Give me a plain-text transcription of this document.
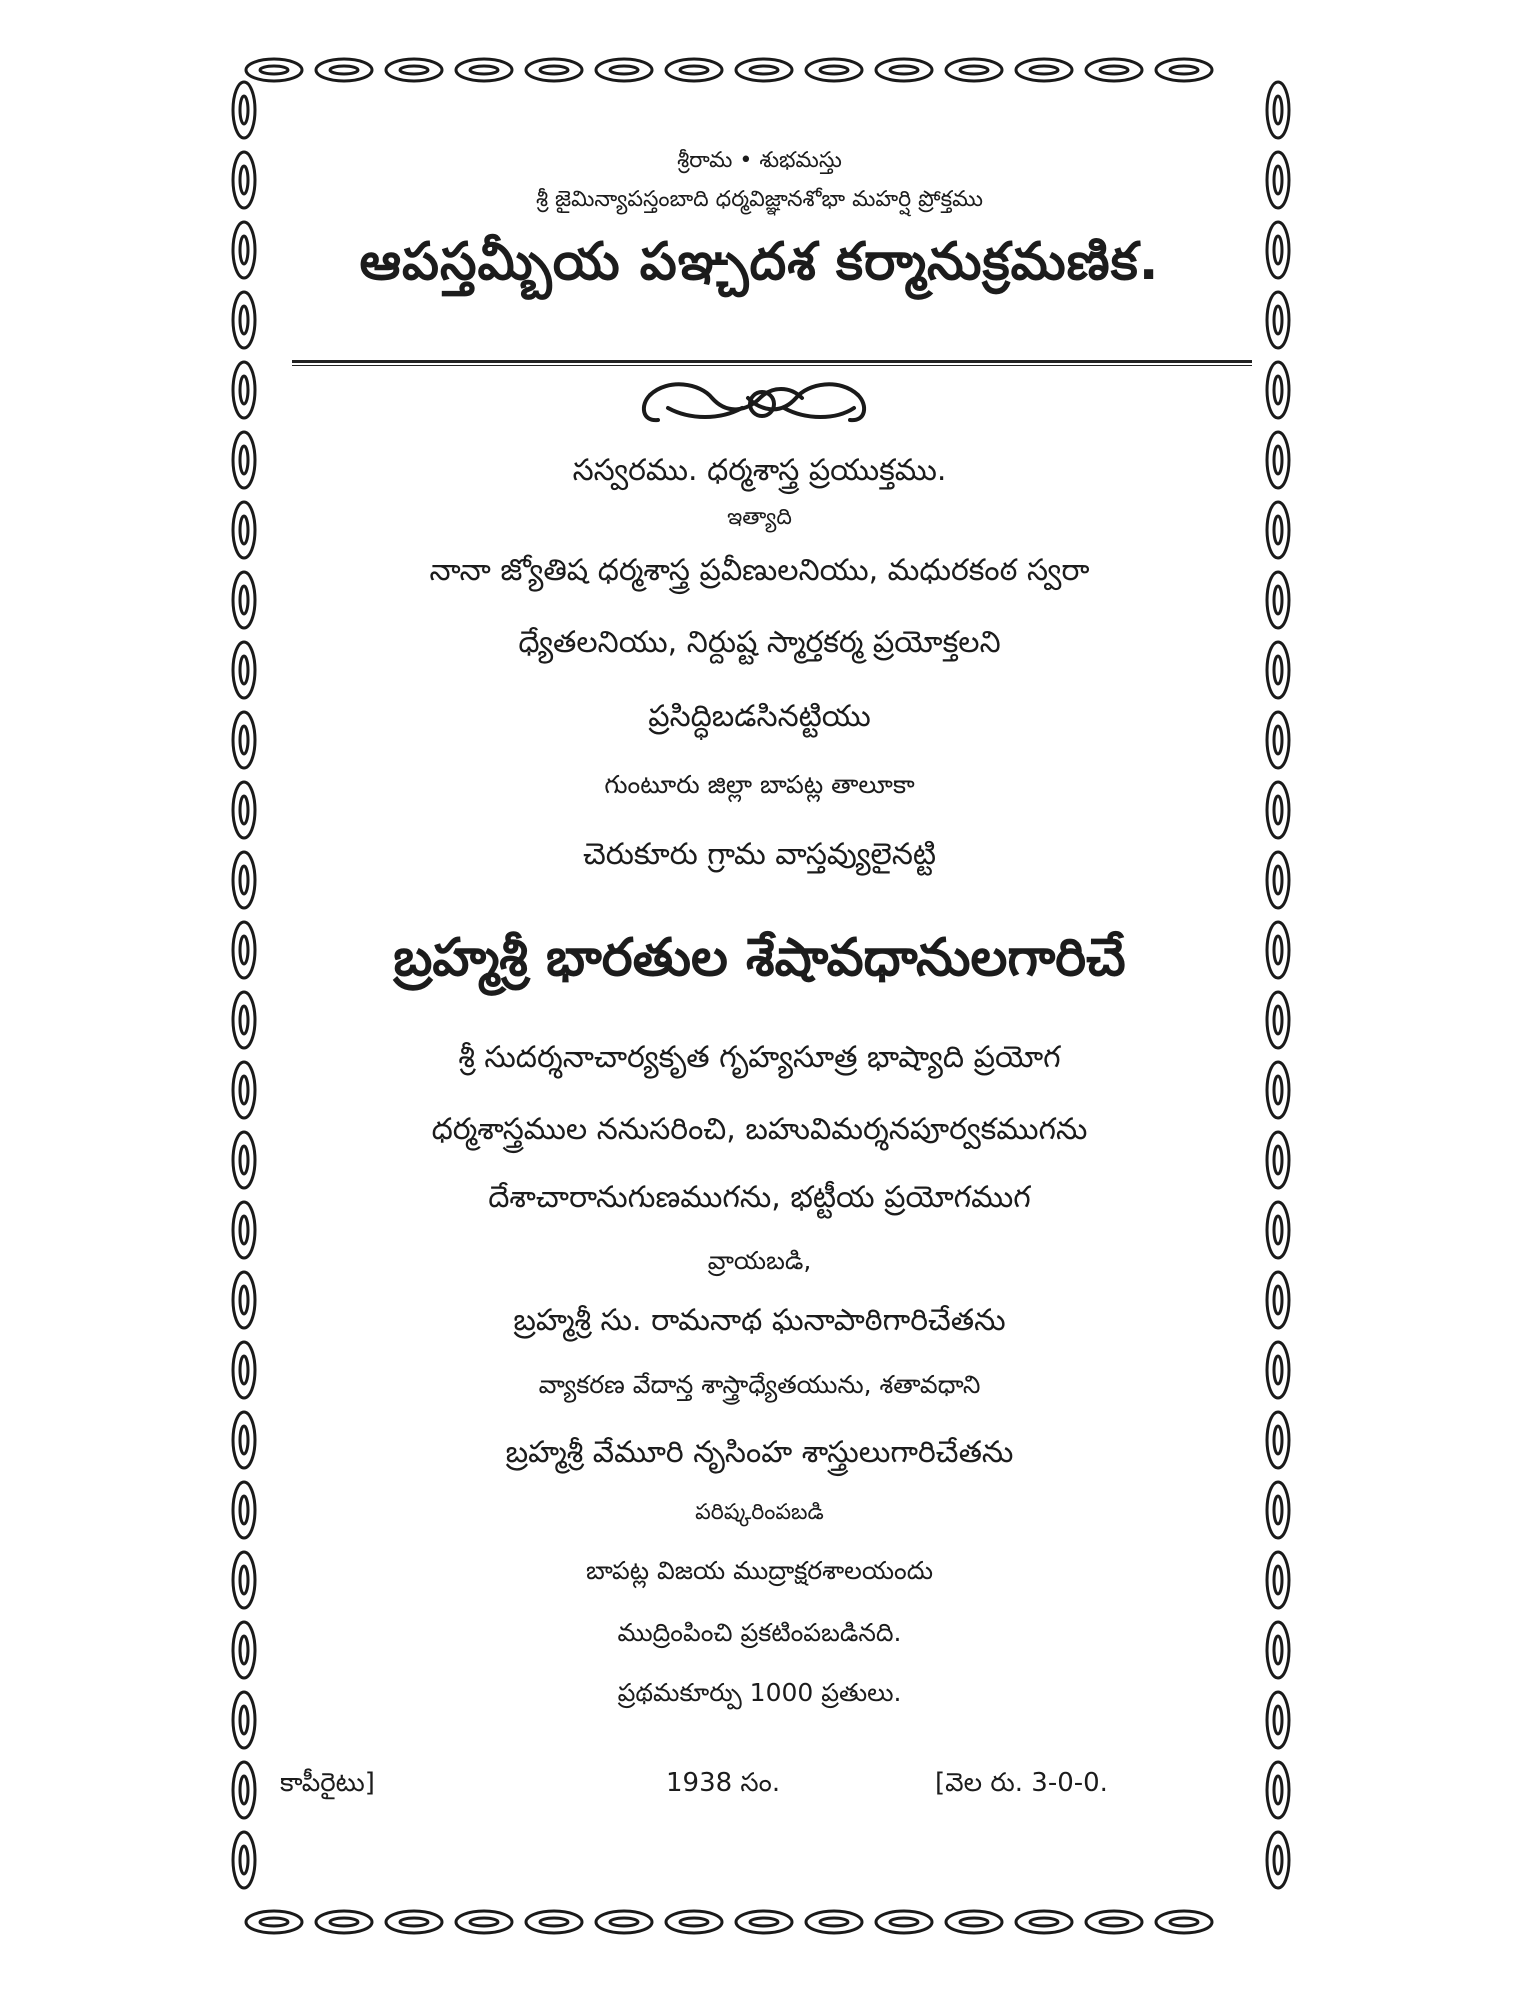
శ్రీరామ • శుభమస్తు
శ్రీ జైమిన్యాపస్తంబాది ధర్మవిజ్ఞానశోభా మహర్షి ప్రోక్తము
ఆపస్తమ్బీయ పఞ్చదశ కర్మానుక్రమణిక.
సస్వరము. ధర్మశాస్త్ర ప్రయుక్తము.
ఇత్యాది
నానా జ్యోతిష ధర్మశాస్త్ర ప్రవీణులనియు, మధురకంఠ స్వరా
ధ్యేతలనియు, నిర్దుష్ట స్మార్తకర్మ ప్రయోక్తలని
ప్రసిద్ధిబడసినట్టియు
గుంటూరు జిల్లా బాపట్ల తాలూకా
చెరుకూరు గ్రామ వాస్తవ్యులైనట్టి
బ్రహ్మశ్రీ భారతుల శేషావధానులగారిచే
శ్రీ సుదర్శనాచార్యకృత గృహ్యసూత్ర భాష్యాది ప్రయోగ
ధర్మశాస్త్రముల ననుసరించి, బహువిమర్శనపూర్వకముగను
దేశాచారానుగుణముగను, భట్టీయ ప్రయోగముగ
వ్రాయబడి,
బ్రహ్మశ్రీ సు. రామనాథ ఘనాపాఠిగారిచేతను
వ్యాకరణ వేదాన్త శాస్త్రాధ్యేతయును, శతావధాని
బ్రహ్మశ్రీ వేమూరి నృసింహ శాస్త్రులుగారిచేతను
పరిష్కరింపబడి
బాపట్ల విజయ ముద్రాక్షరశాలయందు
ముద్రింపించి ప్రకటింపబడినది.
ప్రథమకూర్పు 1000 ప్రతులు.
కాపీరైటు]	1938 సం.	[వెల రు. 3-0-0.
